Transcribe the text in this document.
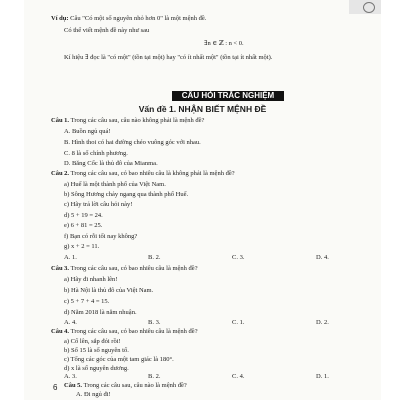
Ví dụ: Câu "Có một số nguyên nhỏ hơn 0" là một mệnh đề.
Có thể viết mệnh đề này như sau
∃n ∈ ℤ : n < 0.
Kí hiệu ∃ đọc là "có một" (tồn tại một) hay "có ít nhất một" (tồn tại ít nhất một).
CÂU HỎI TRẮC NGHIỆM
Vấn đề 1. NHẬN BIẾT MỆNH ĐỀ
Câu 1. Trong các câu sau, câu nào không phải là mệnh đề?
A. Buồn ngủ quá!
B. Hình thoi có hai đường chéo vuông góc với nhau.
C. 8 là số chính phương.
D. Băng Cốc là thủ đô của Mianma.
Câu 2. Trong các câu sau, có bao nhiêu câu là không phải là mệnh đề?
a) Huế là một thành phố của Việt Nam.
b) Sông Hương chảy ngang qua thành phố Huế.
c) Hãy trả lời câu hỏi này!
d) 5 + 19 = 24.
e) 6 + 81 = 25.
f) Bạn có rỗi tối nay không?
g) x + 2 = 11.
A. 1.	B. 2.	C. 3.	D. 4.
Câu 3. Trong các câu sau, có bao nhiêu câu là mệnh đề?
a) Hãy đi nhanh lên!
b) Hà Nội là thủ đô của Việt Nam.
c) 5 + 7 + 4 = 15.
d) Năm 2018 là năm nhuận.
A. 4.	B. 3.	C. 1.	D. 2.
Câu 4. Trong các câu sau, có bao nhiêu câu là mệnh đề?
a) Cố lên, sắp đói rồi!
b) Số 15 là số nguyên tố.
c) Tổng các góc của một tam giác là 180°.
d) x là số nguyên dương.
A. 3.	B. 2.	C. 4.	D. 1.
Câu 5. Trong các câu sau, câu nào là mệnh đề?
A. Đi ngủ đi!
6
